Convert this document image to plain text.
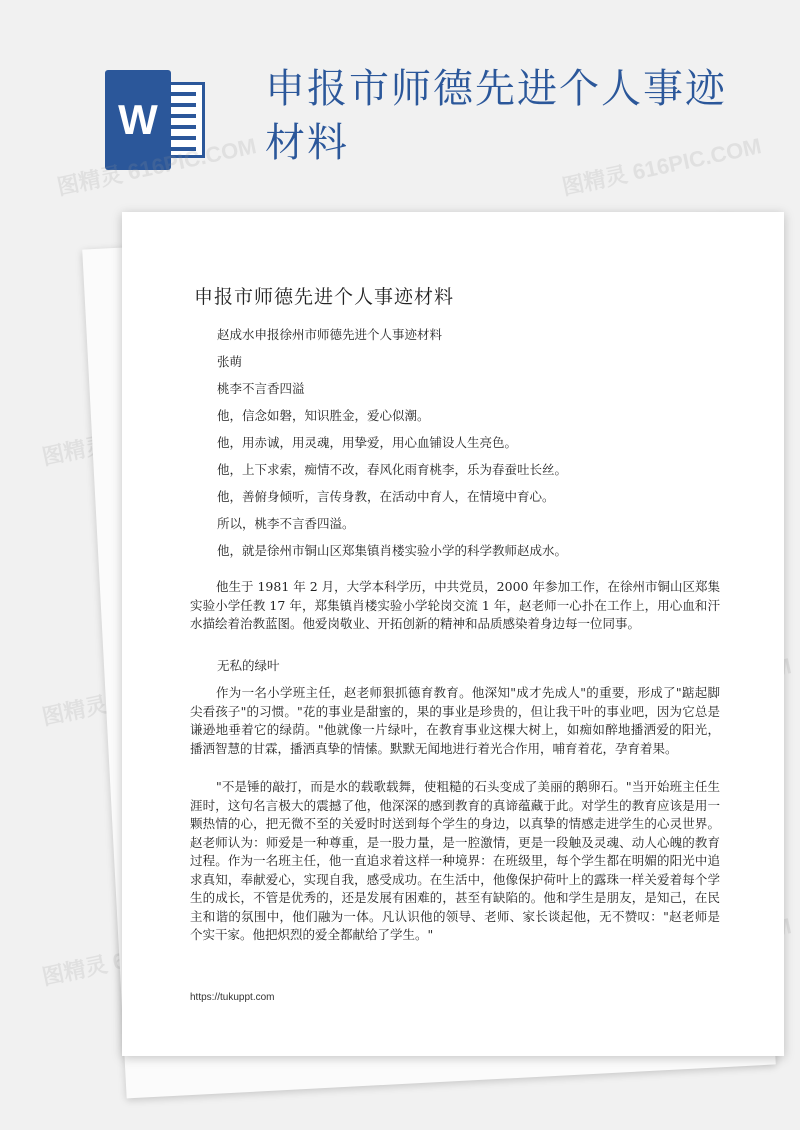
W
申报市师德先进个人事迹材料
图精灵 616PIC.COM	图精灵 616PIC.COM
图精灵
图精灵
图精灵
申报市师德先进个人事迹材料

赵成水申报徐州市师德先进个人事迹材料

张萌

桃李不言香四溢

他，信念如磐，知识胜金，爱心似潮。

他，用赤诚，用灵魂，用挚爱，用心血铺设人生亮色。

他，上下求索，痴情不改，春风化雨育桃李，乐为春蚕吐长丝。

他，善俯身倾听，言传身教，在活动中育人，在情境中育心。

所以，桃李不言香四溢。

他，就是徐州市铜山区郑集镇肖楼实验小学的科学教师赵成水。

他生于 1981 年 2 月，大学本科学历，中共党员，2000 年参加工作，在徐州市铜山区郑集实验小学任教 17 年，郑集镇肖楼实验小学轮岗交流 1 年，赵老师一心扑在工作上，用心血和汗水描绘着治教蓝图。他爱岗敬业、开拓创新的精神和品质感染着身边每一位同事。

无私的绿叶

作为一名小学班主任，赵老师狠抓德育教育。他深知"成才先成人"的重要，形成了"踮起脚尖看孩子"的习惯。"花的事业是甜蜜的，果的事业是珍贵的，但让我干叶的事业吧，因为它总是谦逊地垂着它的绿荫。"他就像一片绿叶，在教育事业这棵大树上，如痴如醉地播洒爱的阳光，播洒智慧的甘霖，播洒真挚的情愫。默默无闻地进行着光合作用，哺育着花，孕育着果。

"不是锤的敲打，而是水的载歌载舞，使粗糙的石头变成了美丽的鹅卵石。"当开始班主任生涯时，这句名言极大的震撼了他，他深深的感到教育的真谛蕴藏于此。对学生的教育应该是用一颗热情的心，把无微不至的关爱时时送到每个学生的身边，以真挚的情感走进学生的心灵世界。赵老师认为：师爱是一种尊重，是一股力量，是一腔激情，更是一段触及灵魂、动人心魄的教育过程。作为一名班主任，他一直追求着这样一种境界：在班级里，每个学生都在明媚的阳光中追求真知，奉献爱心，实现自我，感受成功。在生活中，他像保护荷叶上的露珠一样关爱着每个学生的成长，不管是优秀的，还是发展有困难的，甚至有缺陷的。他和学生是朋友，是知己，在民主和谐的氛围中，他们融为一体。凡认识他的领导、老师、家长谈起他，无不赞叹："赵老师是个实干家。他把炽烈的爱全都献给了学生。"

https://tukuppt.com
